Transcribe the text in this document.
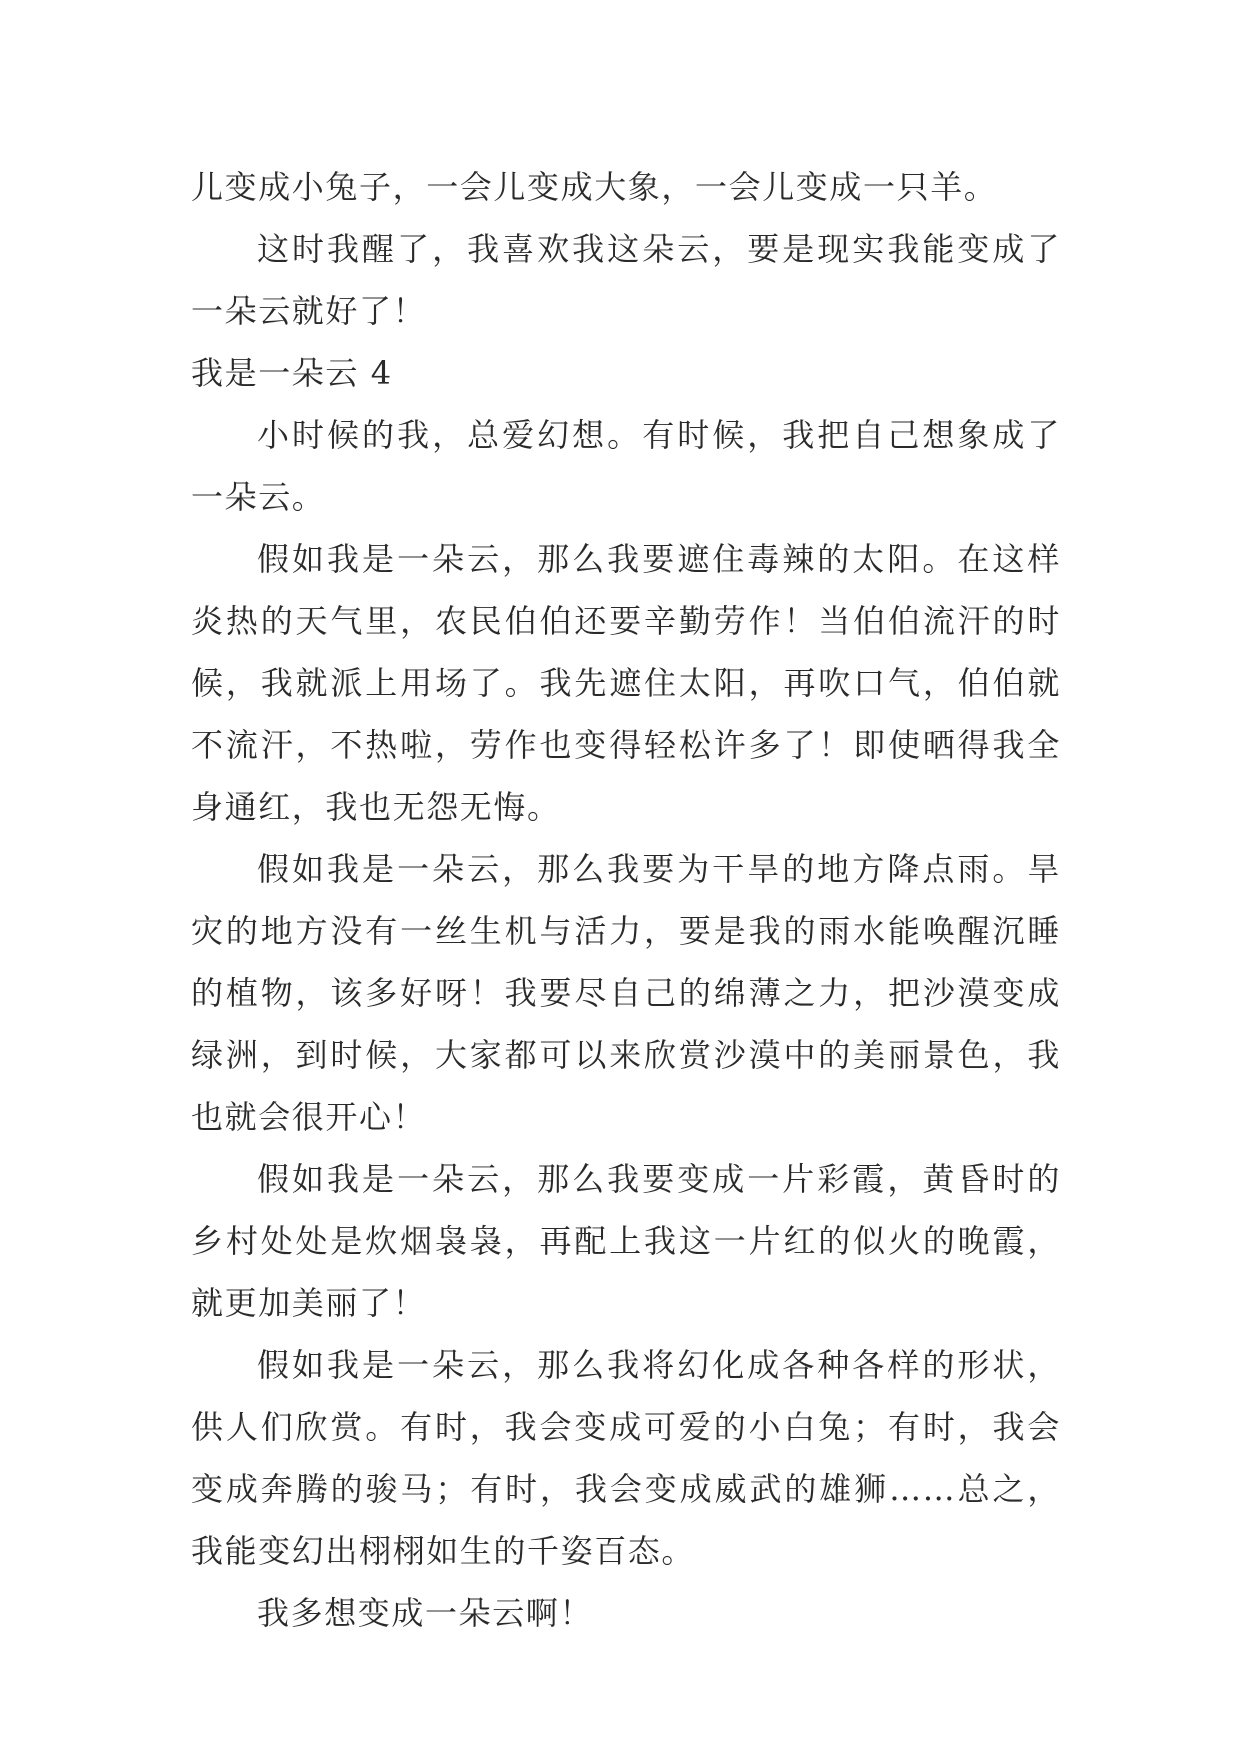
儿变成小兔子，一会儿变成大象，一会儿变成一只羊。

这时我醒了，我喜欢我这朵云，要是现实我能变成了一朵云就好了！

我是一朵云 4

小时候的我，总爱幻想。有时候，我把自己想象成了一朵云。

假如我是一朵云，那么我要遮住毒辣的太阳。在这样炎热的天气里，农民伯伯还要辛勤劳作！当伯伯流汗的时候，我就派上用场了。我先遮住太阳，再吹口气，伯伯就不流汗，不热啦，劳作也变得轻松许多了！即使晒得我全身通红，我也无怨无悔。

假如我是一朵云，那么我要为干旱的地方降点雨。旱灾的地方没有一丝生机与活力，要是我的雨水能唤醒沉睡的植物，该多好呀！我要尽自己的绵薄之力，把沙漠变成绿洲，到时候，大家都可以来欣赏沙漠中的美丽景色，我也就会很开心！

假如我是一朵云，那么我要变成一片彩霞，黄昏时的乡村处处是炊烟袅袅，再配上我这一片红的似火的晚霞，就更加美丽了！

假如我是一朵云，那么我将幻化成各种各样的形状，供人们欣赏。有时，我会变成可爱的小白兔；有时，我会变成奔腾的骏马；有时，我会变成威武的雄狮……总之，我能变幻出栩栩如生的千姿百态。

我多想变成一朵云啊！
